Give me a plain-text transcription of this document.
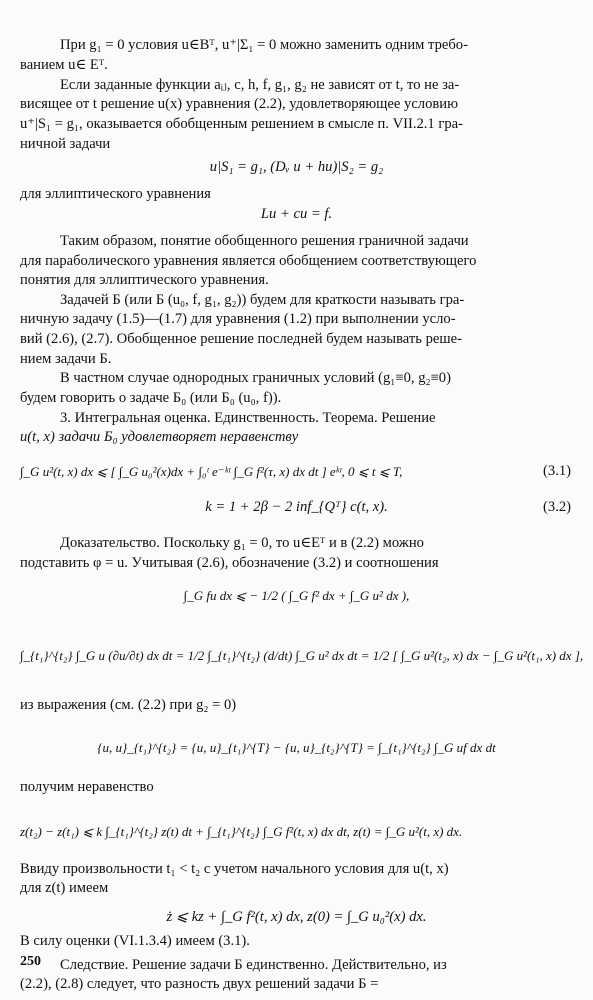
При g₁ = 0 условия u∈Bᵀ, u⁺|Σ₁ = 0 можно заменить одним требо-
ванием u∈ Eᵀ.
Если заданные функции aᵢⱼ, c, h, f, g₁, g₂ не зависят от t, то не за-
висящее от t решение u(x) уравнения (2.2), удовлетворяющее условию
u⁺|S₁ = g₁, оказывается обобщенным решением в смысле п. VII.2.1 гра-
ничной задачи
u|S₁ = g₁, (Dᵥ u + hu)|S₂ = g₂
для эллиптического уравнения
Lu + cu = f.
Таким образом, понятие обобщенного решения граничной задачи
для параболического уравнения является обобщением соответствующего
понятия для эллиптического уравнения.
Задачей Б (или Б (u₀, f, g₁, g₂)) будем для краткости называть гра-
ничную задачу (1.5)—(1.7) для уравнения (1.2) при выполнении усло-
вий (2.6), (2.7). Обобщенное решение последней будем называть реше-
нием задачи Б.
В частном случае однородных граничных условий (g₁≡0, g₂≡0)
будем говорить о задаче Б₀ (или Б₀ (u₀, f)).
3. Интегральная оценка. Единственность. Теорема. Решение
u(t, x) задачи Б₀ удовлетворяет неравенству
∫_G u²(t, x) dx ⩽ [ ∫_G u₀²(x)dx + ∫₀ᵗ e⁻ᵏᵗ ∫_G f²(τ, x) dx dt ] eᵏᵗ, 0 ⩽ t ⩽ T,	(3.1)
k = 1 + 2β − 2 inf_{Qᵀ} c(t, x).	(3.2)
Доказательство. Поскольку g₁ = 0, то u∈Eᵀ и в (2.2) можно
подставить φ = u. Учитывая (2.6), обозначение (3.2) и соотношения
∫_G fu dx ⩽ − 1/2 ( ∫_G f² dx + ∫_G u² dx ),
∫_{t₁}^{t₂} ∫_G u (∂u/∂t) dx dt = 1/2 ∫_{t₁}^{t₂} (d/dt) ∫_G u² dx dt = 1/2 [ ∫_G u²(t₂, x) dx − ∫_G u²(t₁, x) dx ],
из выражения (см. (2.2) при g₂ = 0)
{u, u}_{t₁}^{t₂} = {u, u}_{t₁}^{T} − {u, u}_{t₂}^{T} = ∫_{t₁}^{t₂} ∫_G uf dx dt
получим неравенство
z(t₂) − z(t₁) ⩽ k ∫_{t₁}^{t₂} z(t) dt + ∫_{t₁}^{t₂} ∫_G f²(t, x) dx dt, z(t) = ∫_G u²(t, x) dx.
Ввиду произвольности t₁ < t₂ с учетом начального условия для u(t, x)
для z(t) имеем
ż ⩽ kz + ∫_G f²(t, x) dx, z(0) = ∫_G u₀²(x) dx.
В силу оценки (VI.1.3.4) имеем (3.1).
Следствие. Решение задачи Б единственно. Действительно, из
(2.2), (2.8) следует, что разность двух решений задачи Б =
250
